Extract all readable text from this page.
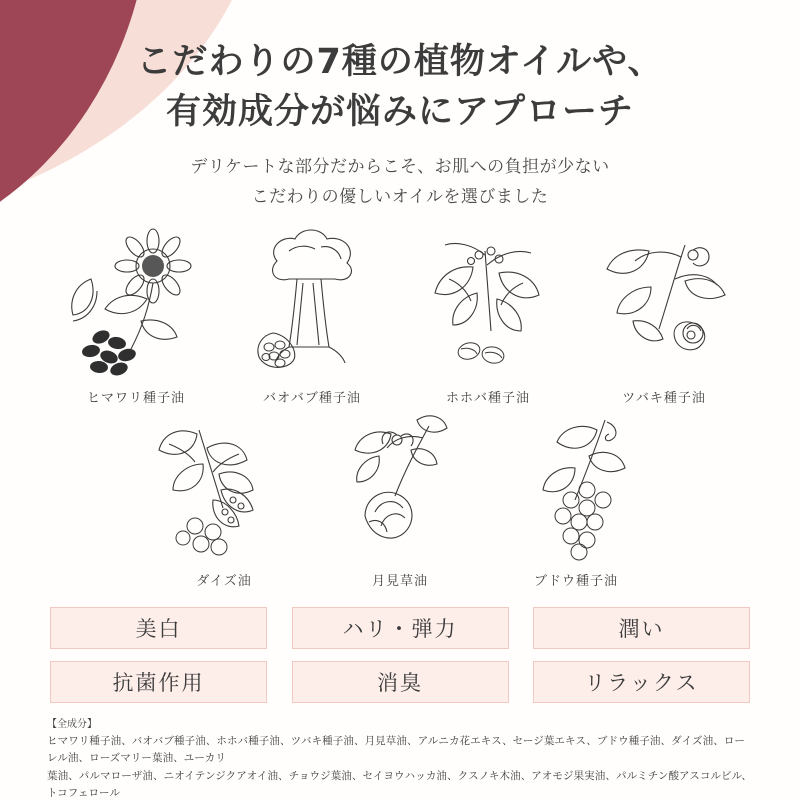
こだわりの7種の植物オイルや、
有効成分が悩みにアプローチ

デリケートな部分だからこそ、お肌への負担が少ない
こだわりの優しいオイルを選びました

ヒマワリ種子油	バオバブ種子油	ホホバ種子油	ツバキ種子油
ダイズ油	月見草油	ブドウ種子油
美白	ハリ・弾力	潤い
抗菌作用	消臭	リラックス
【全成分】
ヒマワリ種子油、バオバブ種子油、ホホバ種子油、ツバキ種子油、月見草油、アルニカ花エキス、セージ葉エキス、ブドウ種子油、ダイズ油、ローレル油、ローズマリー葉油、ユーカリ
葉油、パルマローザ油、ニオイテンジクアオイ油、チョウジ葉油、セイヨウハッカ油、クスノキ木油、アオモジ果実油、パルミチン酸アスコルビル、トコフェロール
